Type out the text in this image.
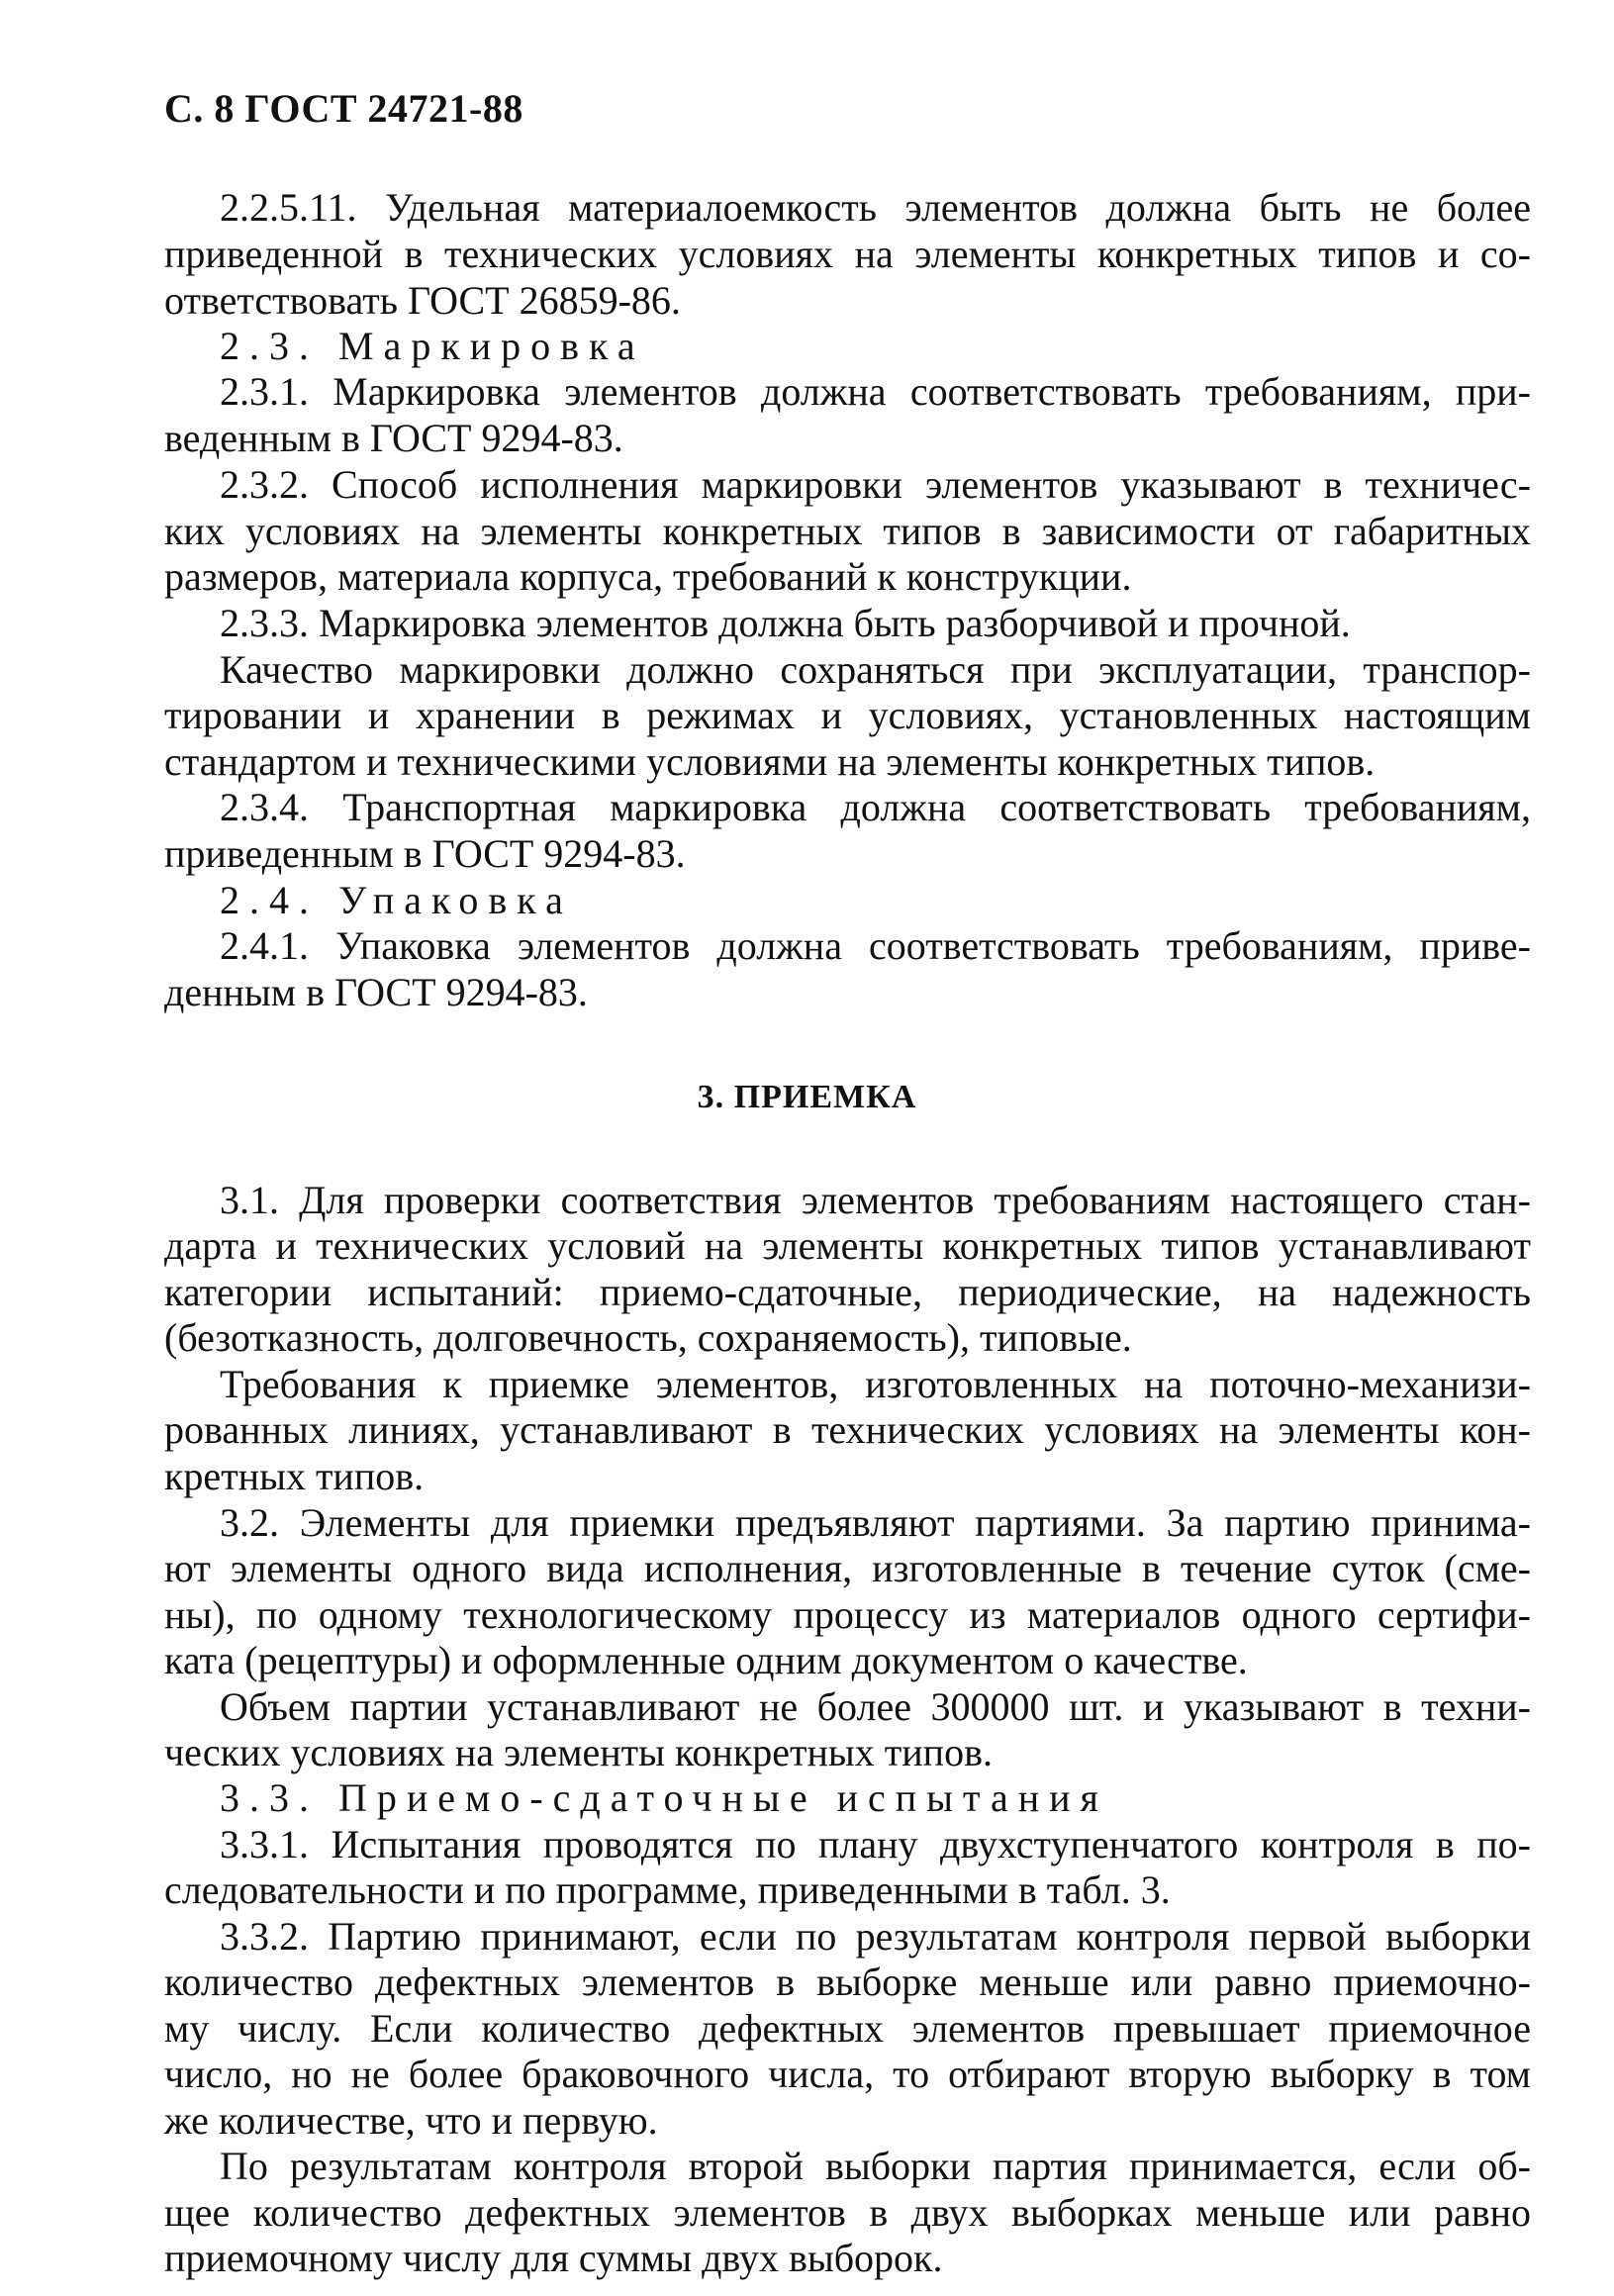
С. 8 ГОСТ 24721-88
2.2.5.11. Удельная материалоемкость элементов должна быть не более
приведенной в технических условиях на элементы конкретных типов и со-
ответствовать ГОСТ 26859-86.
2.3. Маркировка
2.3.1. Маркировка элементов должна соответствовать требованиям, при-
веденным в ГОСТ 9294-83.
2.3.2. Способ исполнения маркировки элементов указывают в техничес-
ких условиях на элементы конкретных типов в зависимости от габаритных
размеров, материала корпуса, требований к конструкции.
2.3.3. Маркировка элементов должна быть разборчивой и прочной.
Качество маркировки должно сохраняться при эксплуатации, транспор-
тировании и хранении в режимах и условиях, установленных настоящим
стандартом и техническими условиями на элементы конкретных типов.
2.3.4. Транспортная маркировка должна соответствовать требованиям,
приведенным в ГОСТ 9294-83.
2.4. Упаковка
2.4.1. Упаковка элементов должна соответствовать требованиям, приве-
денным в ГОСТ 9294-83.
3. ПРИЕМКА
3.1. Для проверки соответствия элементов требованиям настоящего стан-
дарта и технических условий на элементы конкретных типов устанавливают
категории испытаний: приемо-сдаточные, периодические, на надежность
(безотказность, долговечность, сохраняемость), типовые.
Требования к приемке элементов, изготовленных на поточно-механизи-
рованных линиях, устанавливают в технических условиях на элементы кон-
кретных типов.
3.2. Элементы для приемки предъявляют партиями. За партию принима-
ют элементы одного вида исполнения, изготовленные в течение суток (сме-
ны), по одному технологическому процессу из материалов одного сертифи-
ката (рецептуры) и оформленные одним документом о качестве.
Объем партии устанавливают не более 300000 шт. и указывают в техни-
ческих условиях на элементы конкретных типов.
3.3. Приемо-сдаточные испытания
3.3.1. Испытания проводятся по плану двухступенчатого контроля в по-
следовательности и по программе, приведенными в табл. 3.
3.3.2. Партию принимают, если по результатам контроля первой выборки
количество дефектных элементов в выборке меньше или равно приемочно-
му числу. Если количество дефектных элементов превышает приемочное
число, но не более браковочного числа, то отбирают вторую выборку в том
же количестве, что и первую.
По результатам контроля второй выборки партия принимается, если об-
щее количество дефектных элементов в двух выборках меньше или равно
приемочному числу для суммы двух выборок.
